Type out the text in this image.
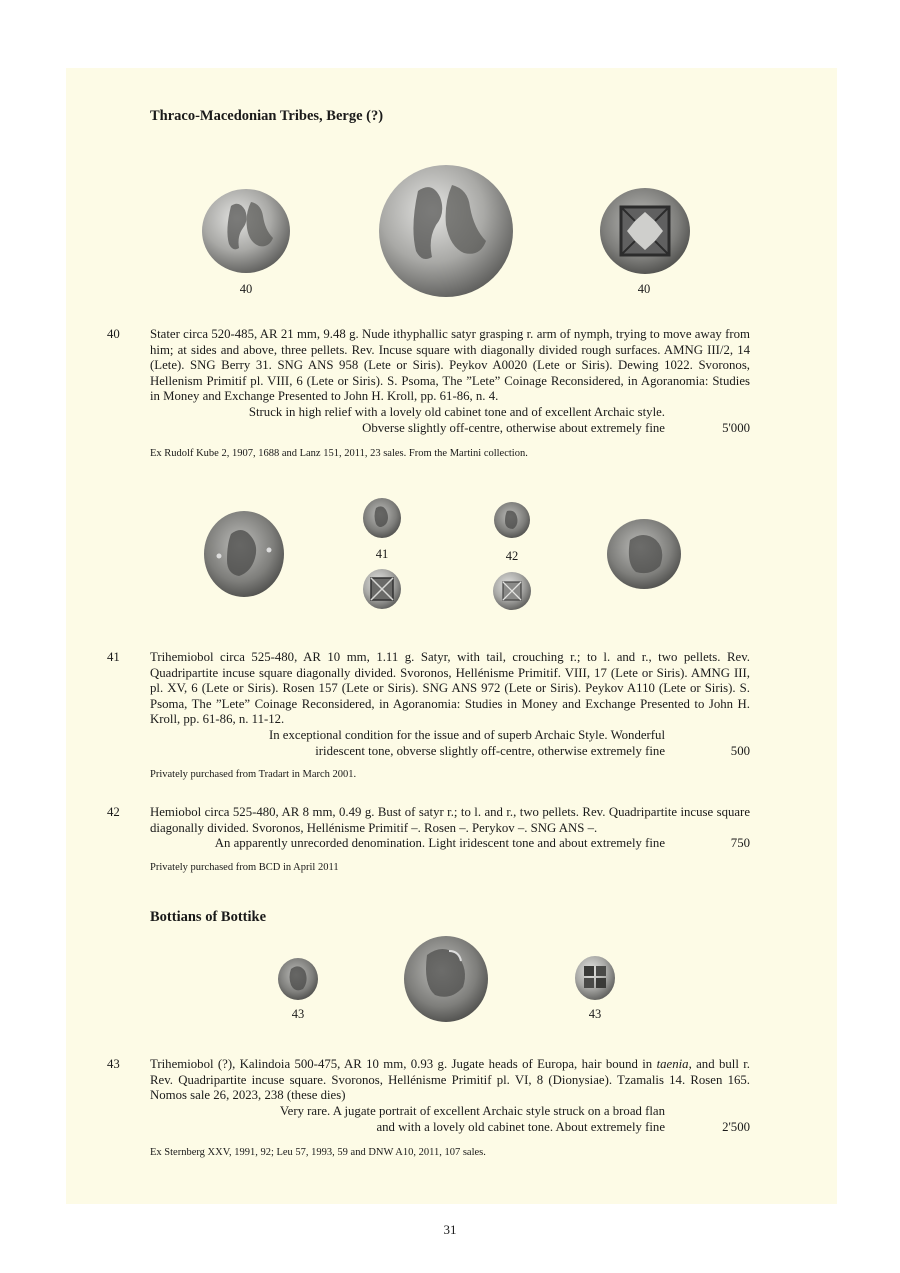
Thraco-Macedonian Tribes, Berge (?)
40	40
40 Stater circa 520-485, AR 21 mm, 9.48 g. Nude ithyphallic satyr grasping r. arm of nymph, trying to move away from him; at sides and above, three pellets. Rev. Incuse square with diagonally divided rough surfaces. AMNG III/2, 14 (Lete). SNG Berry 31. SNG ANS 958 (Lete or Siris). Peykov A0020 (Lete or Siris). Dewing 1022. Svoronos, Hellenism Primitif pl. VIII, 6 (Lete or Siris). S. Psoma, The ”Lete” Coinage Reconsidered, in Agoranomia: Studies in Money and Exchange Presented to John H. Kroll, pp. 61-86, n. 4.

Struck in high relief with a lovely old cabinet tone and of excellent Archaic style.
Obverse slightly off-centre, otherwise about extremely fine	5'000
Ex Rudolf Kube 2, 1907, 1688 and Lanz 151, 2011, 23 sales. From the Martini collection.
41	42
41 Trihemiobol circa 525-480, AR 10 mm, 1.11 g. Satyr, with tail, crouching r.; to l. and r., two pellets. Rev. Quadripartite incuse square diagonally divided. Svoronos, Hellénisme Primitif. VIII, 17 (Lete or Siris). AMNG III, pl. XV, 6 (Lete or Siris). Rosen 157 (Lete or Siris). SNG ANS 972 (Lete or Siris). Peykov A110 (Lete or Siris). S. Psoma, The ”Lete” Coinage Reconsidered, in Agoranomia: Studies in Money and Exchange Presented to John H. Kroll, pp. 61-86, n. 11-12.

In exceptional condition for the issue and of superb Archaic Style. Wonderful
iridescent tone, obverse slightly off-centre, otherwise extremely fine	500
Privately purchased from Tradart in March 2001.
42 Hemiobol circa 525-480, AR 8 mm, 0.49 g. Bust of satyr r.; to l. and r., two pellets. Rev. Quadripartite incuse square diagonally divided. Svoronos, Hellénisme Primitif –. Rosen –. Perykov –. SNG ANS –.

An apparently unrecorded denomination. Light iridescent tone and about extremely fine	750
Privately purchased from BCD in April 2011
Bottians of Bottike
43	43
43 Trihemiobol (?), Kalindoia 500-475, AR 10 mm, 0.93 g. Jugate heads of Europa, hair bound in taenia, and bull r. Rev. Quadripartite incuse square. Svoronos, Hellénisme Primitif pl. VI, 8 (Dionysiae). Tzamalis 14. Rosen 165. Nomos sale 26, 2023, 238 (these dies)

Very rare. A jugate portrait of excellent Archaic style struck on a broad flan
and with a lovely old cabinet tone. About extremely fine	2'500
Ex Sternberg XXV, 1991, 92; Leu 57, 1993, 59 and DNW A10, 2011, 107 sales.
31
